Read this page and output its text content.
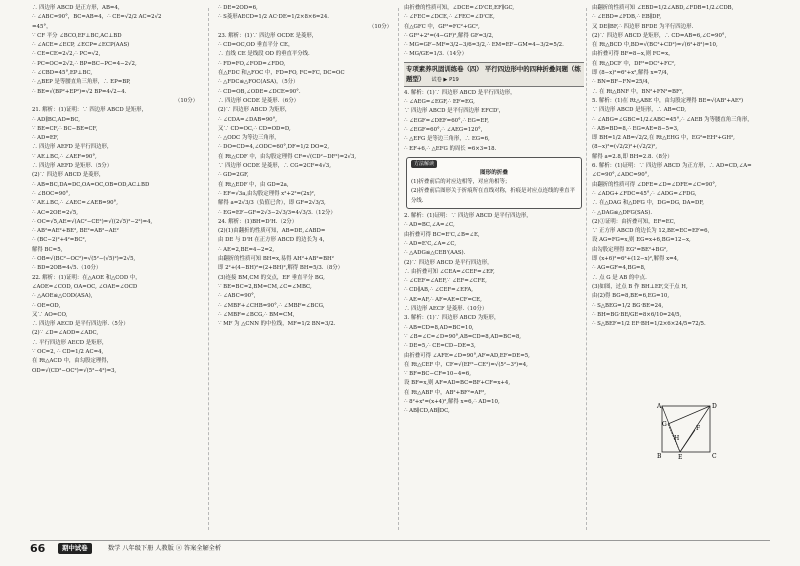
∴ 四边形 ABCD 是正方形，AB=4，
∴ ∠ABC=90°，BC=AB=4，∴ CE=√2/2 AC=2√2
=45°，
∵ CF 平分 ∠BCO,EF⊥BC,AC⊥BD
∴ ∠ACE=∠ECP, ∠ECP=∠ECP(AAS)
∴ CE=CE=2√2,∴ PC=√2,
∴ PC=OC=2√2,∴ BP=BC−PC=4−2√2,
∴ ∠CBD=45°,EP⊥BC,
∴ △BEP 是等腰直角三角形，∴ EP=BP,
∴ BE=√(BP²+EP²)=√2 BP=4√2−4.
（10分）
21. 解析：(1)证明：∵ 四边形 ABCD 是矩形，
∴ AD∥BC,AD=BC,
∵ BE=CF,∴ BC−BE=CF,
∴ AD=EF,
∴ 四边形 AEFD 是平行四边形，
∵ AE⊥BC,∴ ∠AEF=90°,
∴ 四边形 AEFD 是矩形.（5分）
(2)∵ 四边形 ABCD 是菱形，
∴ AB=BC,DA=DC,OA=OC,OB=OD,AC⊥BD
∴ ∠BOC=90°,
∵ AE⊥BC,∴ ∠AEC=∠AEB=90°,
∴ AC=2OE=2√5,
∴ OC=√5,AE=√(AC²−CE²)=√((2√5)²−2²)=4,
∴ AB²=AE²+BE², BE²=AB²−AE²
∴ (BC−2)²+4²=BC²,
解得 BC=5,
∴ OB=√(BC²−OC²)=√(5²−(√5)²)=2√5,
∴ BD=2OB=4√5.（10分）
22. 解析：(1)证明：在△AOE 和△COD 中，
∠AOE=∠COD, OA=OC, ∠OAE=∠OCD
∴ △AOE≌△COD(ASA),
∴ OE=OD,
又∵ AO=CO,
∴ 四边形 AECD 是平行四边形.（5分）
(2)∵ ∠D=∠AOD=∠ADC,
∴ 平行四边形 AECD 是矩形，
∵ OC=2, ∴ CD=1/2 AC=4,
在 Rt△ACD 中，由勾股定理得，
OD=√(CD²−OC²)=√(5²−4²)=3,
∴ DE=2OD=6,
∴ S菱形AECD=1/2 AC·DE=1/2×8×6=24.
（10分）
23. 解析：(1)∵ 四边形 OCDE 是菱形，
∴ CD=OC,OD 垂直平分 CE，
∴ 直线 CE 是线段 OD 的垂直平分线.
∴ FD=FO,∠FOD=∠FDO,
在△FDC 和△FOC 中，FD=FO, FC=FC, DC=OC
∴ △FDC≌△FOC(ASA)，（5分）
∴ CD=OB,∠ODE=∠DCE=90°.
∴ 四边形 OCDE 是菱形.（6分）
(2)∵ 四边形 ABCD 为矩形，
∴ ∠CDA=∠DAB=90°,
又∵ CD=OC,∴ CD=OD=D,
∴ △ODC 为等边三角形，
∴ DO=CD=4,∠ODC=60°,DF=1/2 DO=2,
在 Rt△CDF 中，由勾股定理得 CF=√(CD²−DF²)=2√3,
∵ 四边形 OCDE 是菱形，∴ CG=2CF=4√3,
∴ GD=2GF,
在 Rt△EDF 中，由 GD=2a,
∴ EF=√3a,由勾股定理得 x²+2²=(2x)²,
解得 a=2√3/3（负值已舍），即 GF=2√3/3,
∴ EG=EF−GF=2√3−2√3/3=4√3/3.（12分）
24. 解析：(1)BH=D'H.（2分）
(2)(1)由翻折的性质可知，AB=DE,∠ABD=
由 DE 与 D'H 在正方形 ABCD 的边长为 4，
∴ AE=2,BE=4−2=2,
由翻折的性质可知 BH=x,易得 AH²+AB²=BH²
即 2²+(4−BH)²=(2+BH)²,解得 BH=5/3.（8分）
(3)连接 BM,CM 的交点，EF 垂直平分 BG,
∵ BE=BC=2,BM=CM,∠C=∠MBC,
∴ ∠ABC=90°,
∴ ∠MBF+∠CHB=90°,∴ ∠MBF=∠BCG,
∴ ∠MBF=∠BCG,∴ BM=CM,
∵ MF 为 △CNN 的中位线，MF=1/2 BN=3/2.
由折叠的性质可知，∠DCE=∠D'CE,EF∥GC,
∴ ∠FEC=∠DCE,∴ ∠FEC=∠D'CE,
在△GFC 中，GF²=FC²+GC²,
∴ GF²+2²=(4−GF)²,解得 GF=3/2,
∴ MG=GF−MF=3/2−3/6=3/2,∴ EM=EF−GM=4−3/2=5/2.
∴ MG/GE=1/3.（14分）
专项素养巩固训练卷（四） 平行四边形中的四种折叠问题（练题型） 试卷 ▶ P19
4. 解析：(1)∵ 四边形 ABCD 是平行四边形，
∴ ∠AEG=∠EGF,∴ EF=EG,
∵ 四边形 ABCD 是平行四边形 EFCD'，
∴ ∠EGF=∠DEF=60°,∴ EG=EF,
∴ ∠EGF=60°,∴ ∠AEG=120°,
∴ △EFG 是等边三角形，∴ EG=6,
∴ EF+6,∴ △EFG 的周长 =6×3=18.
方法解读
图形的折叠
(1)折叠前后的对应边相等，对应角相等；
(2)折叠前后图形关于折痕所在直线对称，折痕是对应点连线的垂直平分线.
2. 解析：(1)证明：∵ 四边形 ABCD 是平行四边形，
∴ AD=BC,∠A=∠C,
由折叠可得 BC=E'C,∠B=∠E,
∴ AD=E'C,∠A=∠C,
∴ △ADG≌△CEB'(AAS).
(2)∵ 四边形 ABCD 是平行四边形，
∴ 由折叠可知 ∠CEA=∠CEF=∠EF,
∴ ∠CEF=∠AEF,∵ ∠EF=∠CFE,
∴ CD∥AB,∴ ∠CEF=∠EFA,
∴ AE=AF,∴ AF=AE=CF=CE,
∴ 四边形 AECF 是菱形.（10分）
3. 解析：(1)∵ 四边形 ABCD 为矩形，
∴ AB=CD=8,AD=BC=10,
∵ ∠B=∠C=∠D=90°,AB=CD=8,AD=BC=8,
∴ DE=5,∴ CE=CD−DE=3,
由折叠可得 ∠AFE=∠D=90°,AF=AD,EF=DE=5,
在 Rt△CEF 中，CF=√(EF²−CE²)=√(5²−3²)=4,
∵ BF=BC−CF=10−4=6,
设 BF=x,则 AF=AD=BC=BF+CF=x+4,
在 Rt△ABF 中，AB²+BF²=AF²,
∴ 8²+x²=(x+4)²,解得 x=6,∴ AD=10,
∴ AB∥CD,AB∥DC,
由翻折的性质可知 ∠EBD=1/2∠ABD,∠FDB=1/2∠CDB,
∴ ∠EBD=∠FDB,∴ EB∥DF,
又 DE∥BF,∴ 四边形 BFDE 为平行四边形.
(2)∵ 四边形 ABCD 是矩形，∴ CD=AB=6,∠C=90°,
在 Rt△BCD 中,BD=√(BC²+CD²)=√(6²+8²)=10,
由折叠可得 BF=8−x,则 FC=x，
在 Rt△DCF 中，DF²=DC²+FC²,
即 (8−x)²=6²+x²,解得 x=7/4,
∴ BN=BF−FN=25/4,
∴ 在 Rt△BNF 中，BN²+FN²=BF²,
5. 解析：(1)在 Rt△ABE 中，由勾股定理得 BE=√(AB²+AE²)
∵ 四边形 ABCD 是矩形，∴ AB=CD,
∴ ∠ABG=∠GBC=1/2∠ABC=45°,∴ ∠AEB 为等腰直角三角形，
∴ AB=BD=8,∴ EG=AE=8−5=3,
即 BH=1/2 AB=√2/2,在 Rt△EHG 中，EG²=EH²+GH²,
(8−x)²=(√2/2)²+(√2/2)²,
解得 a=2.8,即 BH=2.8.（8分）
6. 解析：(1)证明：∵ 四边形 ABCD 为正方形，∴ AD=CD,∠A=
∠C=90°,∠ADC=90°,
由翻折的性质可得 ∠DFE=∠D=∠DFE=∠C=90°,
∴ ∠ADG+∠FDC=45°,∴ ∠ADG=∠FDG,
∴ 在△DAG 和△DFG 中，DG=DG, DA=DF,
∴ △DAG≌△DFG(SAS).
(2)①证明：由折叠可知，EF=EC,
∵ 正方形 ABCD 的边长为 12,BE=EC=EF=6,
设 AG=FG=x,则 EG=x+6,BG=12−x,
由勾股定理得 EG²=BE²+BG²,
即 (x+6)²=6²+(12−x)²,解得 x=4,
∴ AG=GF=4,BG=8,
∴ 点 G 是 AB 的中点.
(3)如图，过点 B 作 BH⊥EF,交于点 H,
由(2)得 BG=8,BE=6,EG=10,
∴ S△BEG=1/2 BG·BE=24,
∴ BH=BG·BE/GE=8×6/10=24/5,
∴ S△BEF=1/2 EF·BH=1/2×6×24/5=72/5.
A	D
B	C
E
G
F
H
66	期中试卷	数学 八年级下册 人教版 ⓐ 答案全解全析
